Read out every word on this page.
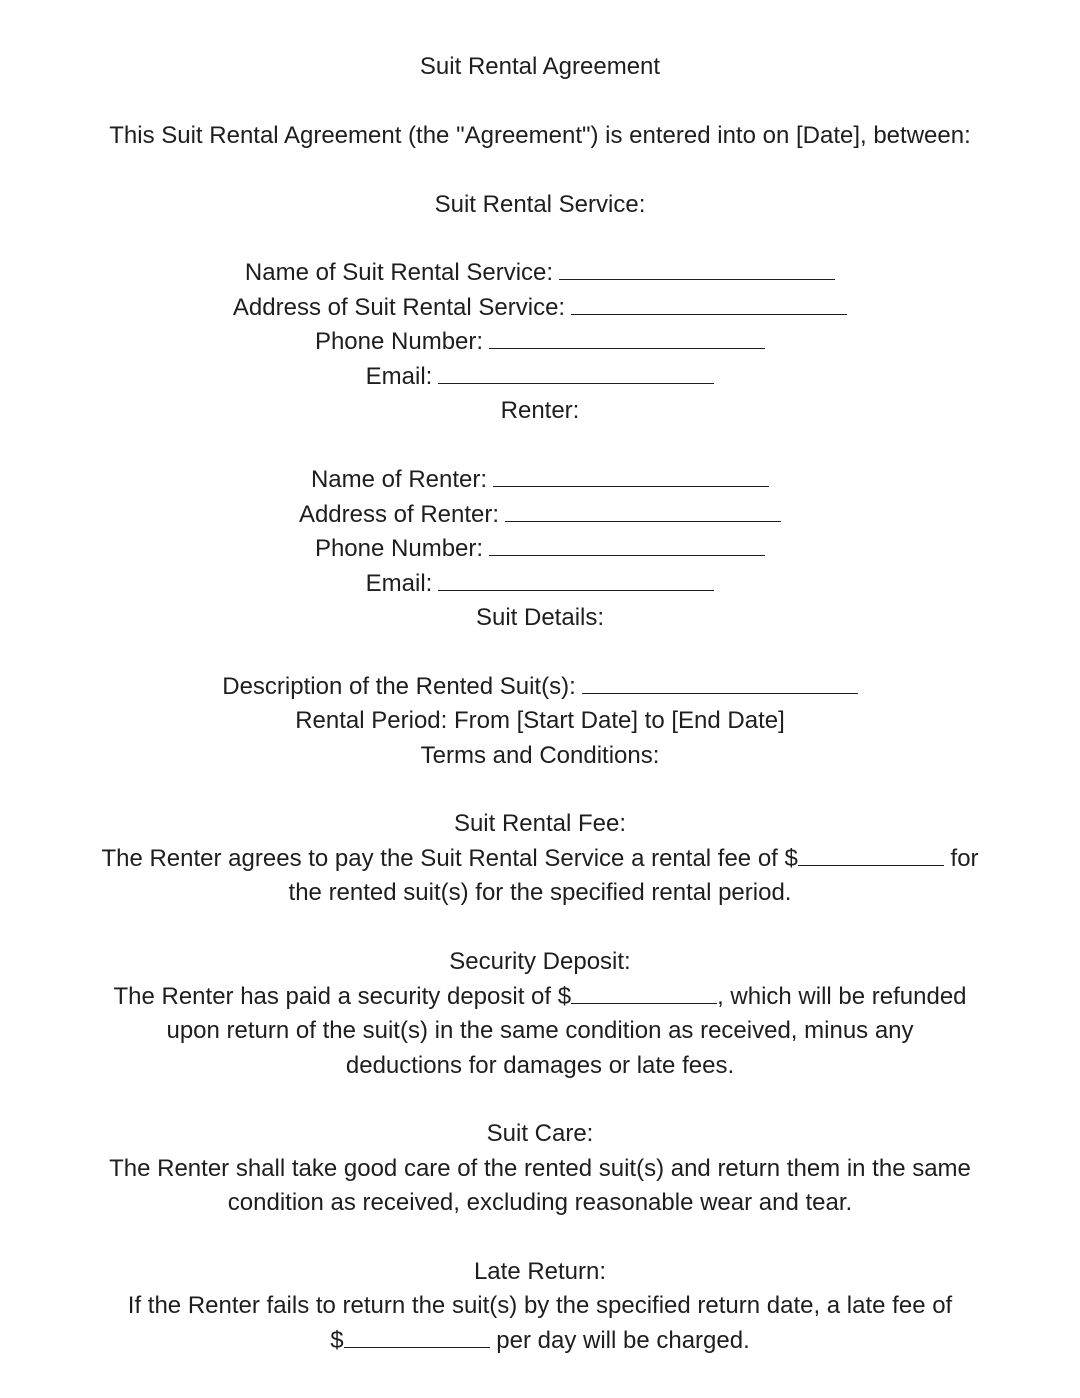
Suit Rental Agreement
This Suit Rental Agreement (the "Agreement") is entered into on [Date], between:
Suit Rental Service:
Name of Suit Rental Service:
Address of Suit Rental Service:
Phone Number:
Email:
Renter:
Name of Renter:
Address of Renter:
Phone Number:
Email:
Suit Details:
Description of the Rented Suit(s):
Rental Period: From [Start Date] to [End Date]
Terms and Conditions:
Suit Rental Fee:
The Renter agrees to pay the Suit Rental Service a rental fee of $	for
the rented suit(s) for the specified rental period.
Security Deposit:
The Renter has paid a security deposit of $	, which will be refunded
upon return of the suit(s) in the same condition as received, minus any
deductions for damages or late fees.
Suit Care:
The Renter shall take good care of the rented suit(s) and return them in the same
condition as received, excluding reasonable wear and tear.
Late Return:
If the Renter fails to return the suit(s) by the specified return date, a late fee of
$	per day will be charged.
